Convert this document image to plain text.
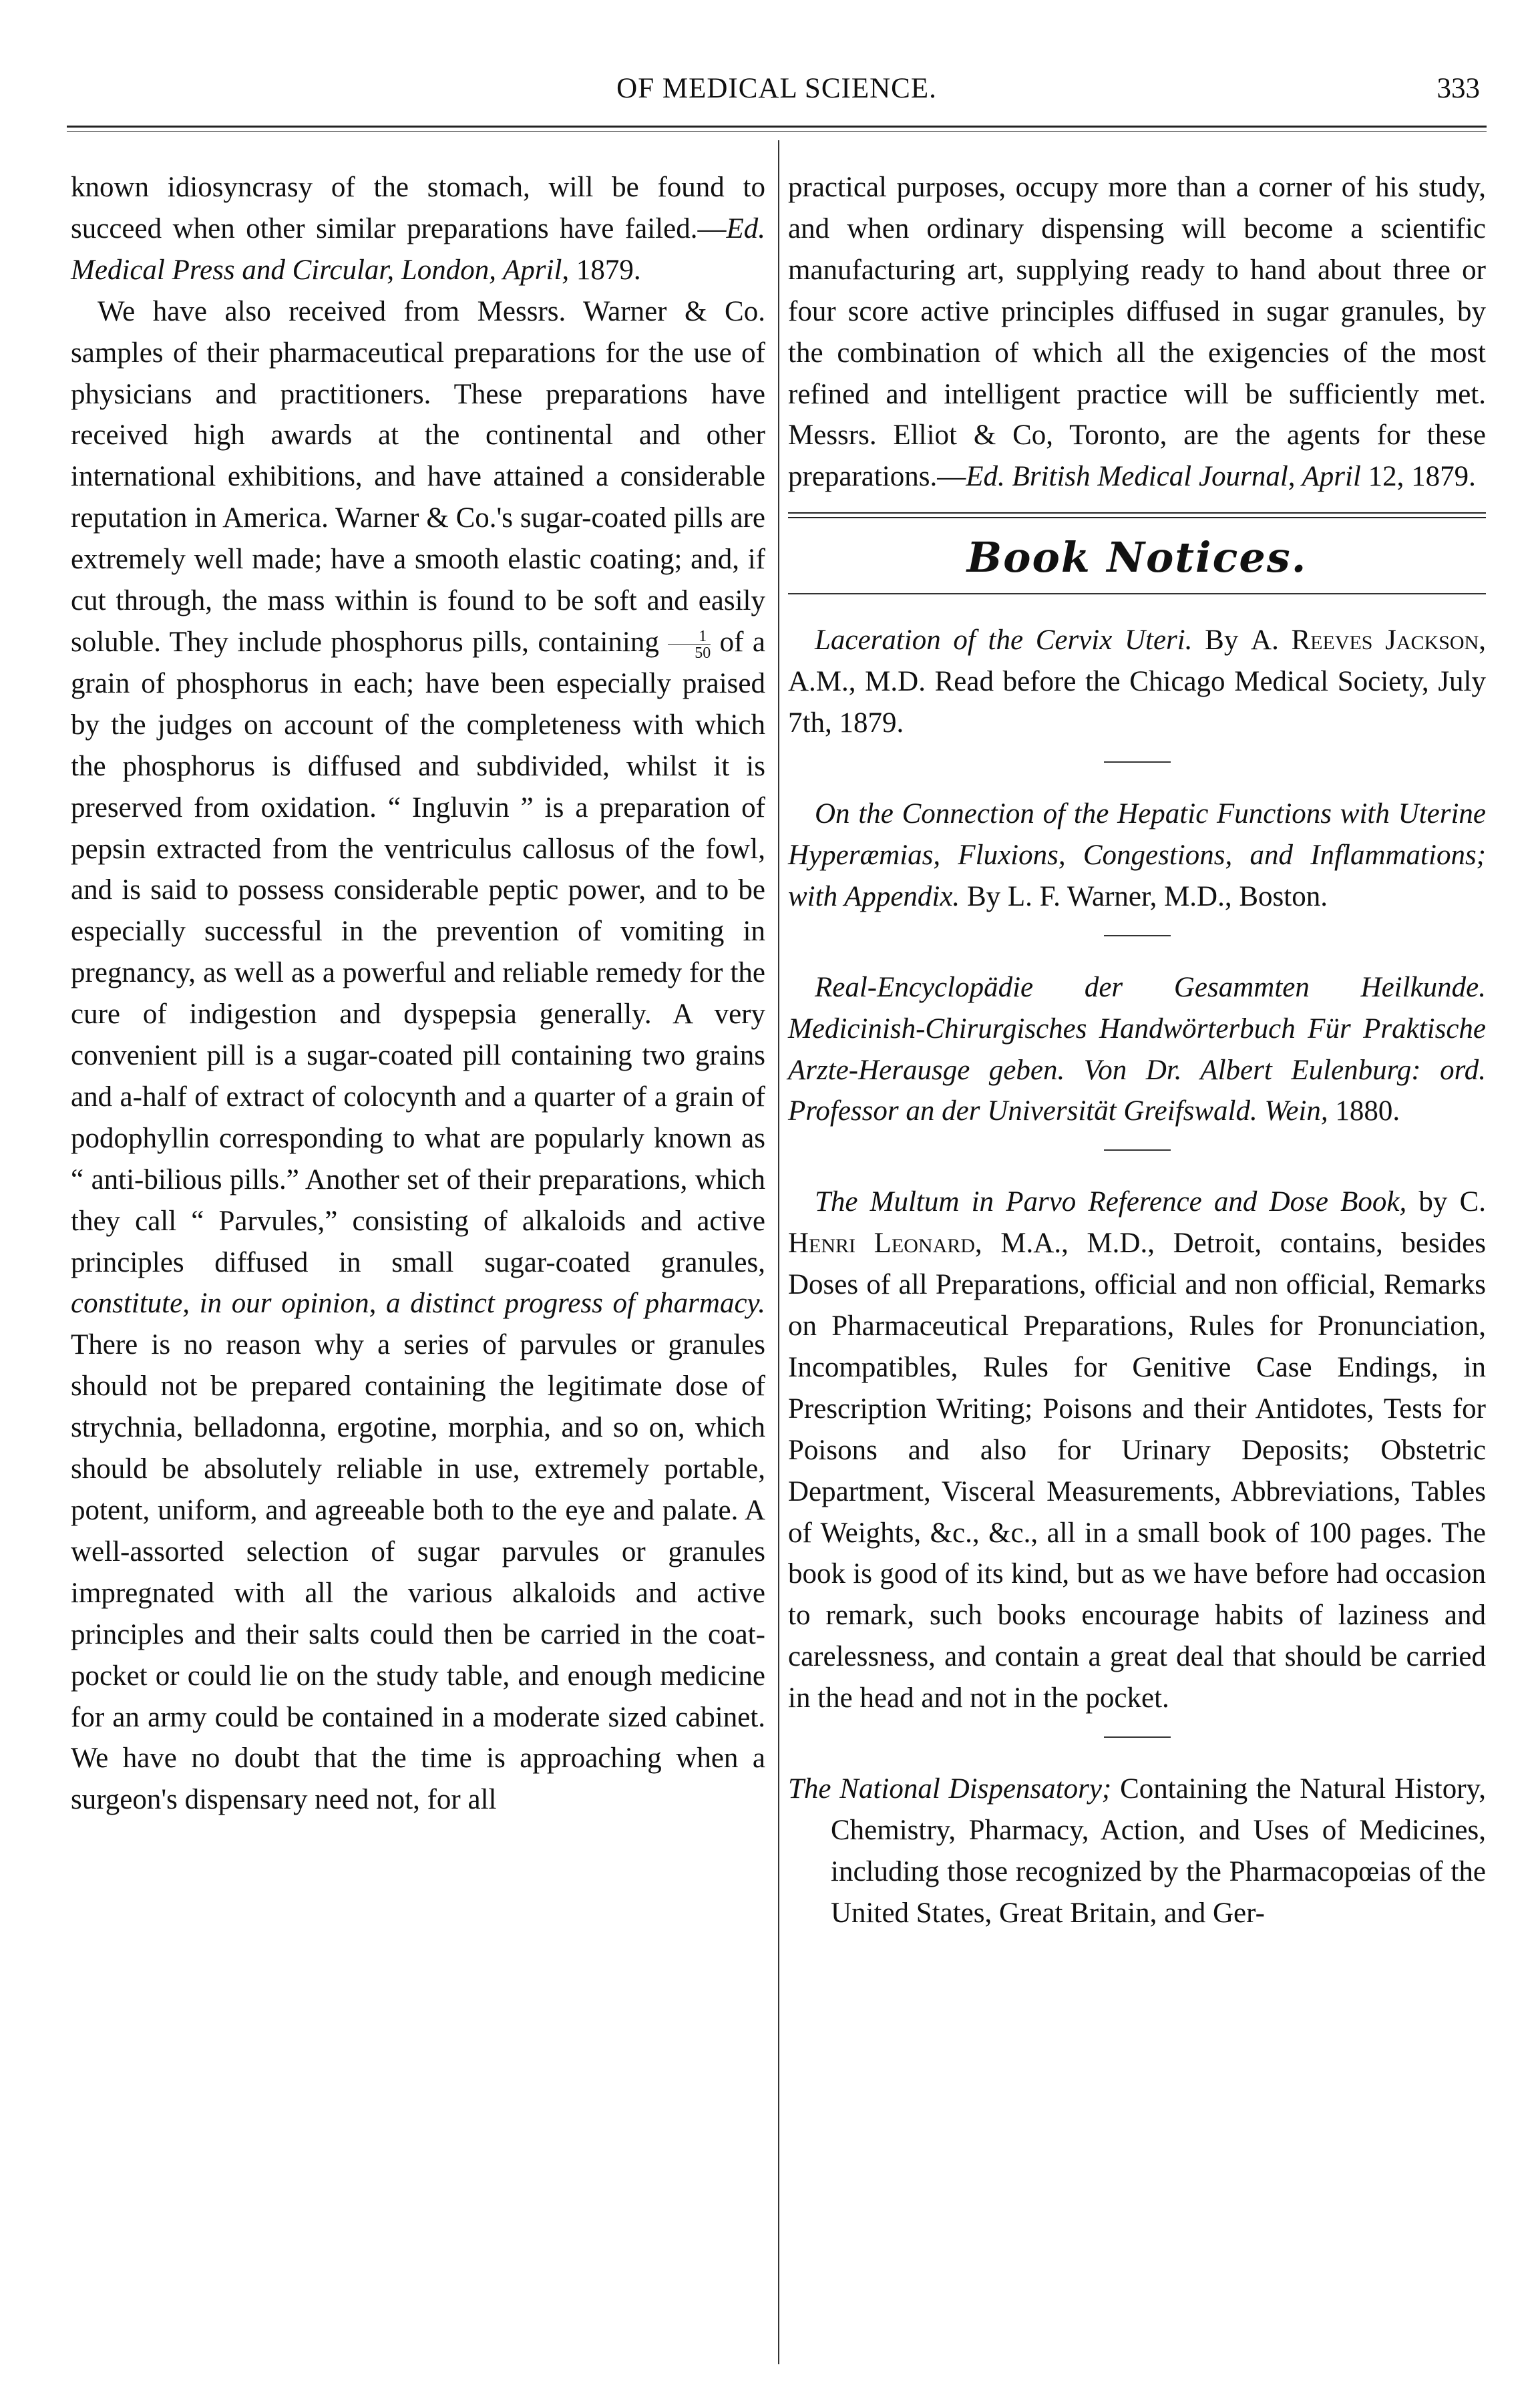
OF MEDICAL SCIENCE.	333

known idiosyncrasy of the stomach, will be found to succeed when other similar preparations have failed.—Ed. Medical Press and Circular, London, April, 1879.

We have also received from Messrs. Warner & Co. samples of their pharmaceutical preparations for the use of physicians and practitioners. These preparations have received high awards at the continental and other international exhibitions, and have attained a considerable reputation in America. Warner & Co.'s sugar-coated pills are extremely well made; have a smooth elastic coating; and, if cut through, the mass within is found to be soft and easily soluble. They include phosphorus pills, containing $\frac{1}{50}$ of a grain of phosphorus in each; have been especially praised by the judges on account of the completeness with which the phosphorus is diffused and subdivided, whilst it is preserved from oxidation. “ Ingluvin ” is a preparation of pepsin extracted from the ventriculus callosus of the fowl, and is said to possess considerable peptic power, and to be especially successful in the prevention of vomiting in pregnancy, as well as a powerful and reliable remedy for the cure of indigestion and dyspepsia generally. A very convenient pill is a sugar-coated pill containing two grains and a-half of extract of colocynth and a quarter of a grain of podophyllin corresponding to what are popularly known as “ anti-bilious pills.” Another set of their preparations, which they call “ Parvules,” consisting of alkaloids and active principles diffused in small sugar-coated granules, constitute, in our opinion, a distinct progress of pharmacy. There is no reason why a series of parvules or granules should not be prepared containing the legitimate dose of strychnia, belladonna, ergotine, morphia, and so on, which should be absolutely reliable in use, extremely portable, potent, uniform, and agreeable both to the eye and palate. A well-assorted selection of sugar parvules or granules impregnated with all the various alkaloids and active principles and their salts could then be carried in the coat-pocket or could lie on the study table, and enough medicine for an army could be contained in a moderate sized cabinet. We have no doubt that the time is approaching when a surgeon's dispensary need not, for all

practical purposes, occupy more than a corner of his study, and when ordinary dispensing will become a scientific manufacturing art, supplying ready to hand about three or four score active principles diffused in sugar granules, by the combination of which all the exigencies of the most refined and intelligent practice will be sufficiently met. Messrs. Elliot & Co, Toronto, are the agents for these preparations.—Ed. British Medical Journal, April 12, 1879.

Book Notices.

Laceration of the Cervix Uteri. By A. Reeves Jackson, A.M., M.D. Read before the Chicago Medical Society, July 7th, 1879.

On the Connection of the Hepatic Functions with Uterine Hyperæmias, Fluxions, Congestions, and Inflammations; with Appendix. By L. F. Warner, M.D., Boston.

Real-Encyclopädie der Gesammten Heilkunde. Medicinish-Chirurgisches Handwörterbuch Für Praktische Arzte-Herausge geben. Von Dr. Albert Eulenburg: ord. Professor an der Universität Greifswald. Wein, 1880.

The Multum in Parvo Reference and Dose Book, by C. Henri Leonard, M.A., M.D., Detroit, contains, besides Doses of all Preparations, official and non official, Remarks on Pharmaceutical Preparations, Rules for Pronunciation, Incompatibles, Rules for Genitive Case Endings, in Prescription Writing; Poisons and their Antidotes, Tests for Poisons and also for Urinary Deposits; Obstetric Department, Visceral Measurements, Abbreviations, Tables of Weights, &c., &c., all in a small book of 100 pages. The book is good of its kind, but as we have before had occasion to remark, such books encourage habits of laziness and carelessness, and contain a great deal that should be carried in the head and not in the pocket.

The National Dispensatory; Containing the Natural History, Chemistry, Pharmacy, Action, and Uses of Medicines, including those recognized by the Pharmacopœias of the United States, Great Britain, and Ger-
